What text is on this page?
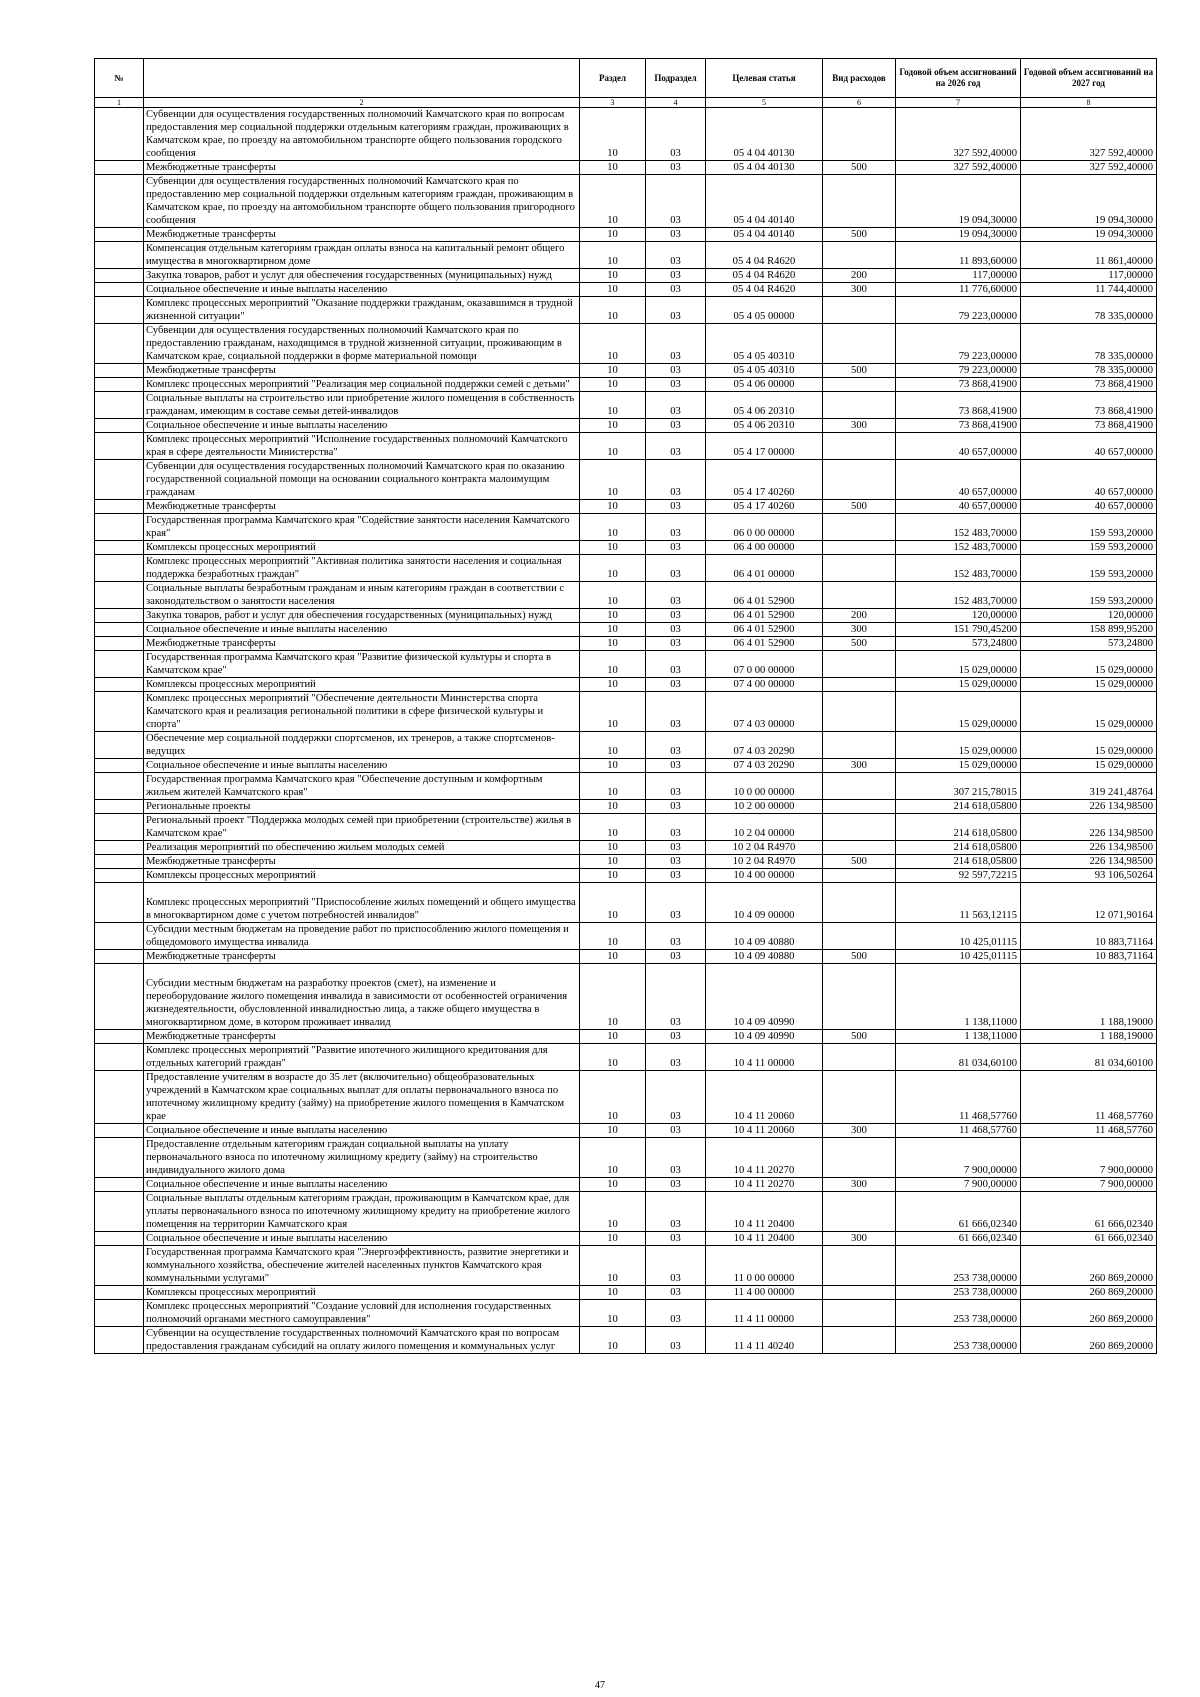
№		Раздел	Подраздел	Целевая статья	Вид расходов	Годовой объем ассигнований на 2026 год	Годовой объем ассигнований на 2027 год
1	2	3	4	5	6	7	8
	Субвенции для осуществления государственных полномочий Камчатского края по вопросам предоставления мер социальной поддержки отдельным категориям граждан, проживающих в Камчатском крае, по проезду на автомобильном транспорте общего пользования городского сообщения	10	03	05 4 04 40130		327 592,40000	327 592,40000
	Межбюджетные трансферты	10	03	05 4 04 40130	500	327 592,40000	327 592,40000
	Субвенции для осуществления государственных полномочий Камчатского края по предоставлению мер социальной поддержки отдельным категориям граждан, проживающим в Камчатском крае, по проезду на автомобильном транспорте общего пользования пригородного сообщения	10	03	05 4 04 40140		19 094,30000	19 094,30000
	Межбюджетные трансферты	10	03	05 4 04 40140	500	19 094,30000	19 094,30000
	Компенсация отдельным категориям граждан оплаты взноса на капитальный ремонт общего имущества в многоквартирном доме	10	03	05 4 04 R4620		11 893,60000	11 861,40000
	Закупка товаров, работ и услуг для обеспечения государственных (муниципальных) нужд	10	03	05 4 04 R4620	200	117,00000	117,00000
	Социальное обеспечение и иные выплаты населению	10	03	05 4 04 R4620	300	11 776,60000	11 744,40000
	Комплекс процессных мероприятий "Оказание поддержки гражданам, оказавшимся в трудной жизненной ситуации"	10	03	05 4 05 00000		79 223,00000	78 335,00000
	Субвенции для осуществления государственных полномочий Камчатского края по предоставлению гражданам, находящимся в трудной жизненной ситуации, проживающим в Камчатском крае, социальной поддержки в форме материальной помощи	10	03	05 4 05 40310		79 223,00000	78 335,00000
	Межбюджетные трансферты	10	03	05 4 05 40310	500	79 223,00000	78 335,00000
	Комплекс процессных мероприятий "Реализация мер социальной поддержки семей с детьми"	10	03	05 4 06 00000		73 868,41900	73 868,41900
	Социальные выплаты на строительство или приобретение жилого помещения в собственность гражданам, имеющим в составе семьи детей-инвалидов	10	03	05 4 06 20310		73 868,41900	73 868,41900
	Социальное обеспечение и иные выплаты населению	10	03	05 4 06 20310	300	73 868,41900	73 868,41900
	Комплекс процессных мероприятий "Исполнение государственных полномочий Камчатского края в сфере деятельности Министерства"	10	03	05 4 17 00000		40 657,00000	40 657,00000
	Субвенции для осуществления государственных полномочий Камчатского края по оказанию государственной социальной помощи на основании социального контракта малоимущим гражданам	10	03	05 4 17 40260		40 657,00000	40 657,00000
	Межбюджетные трансферты	10	03	05 4 17 40260	500	40 657,00000	40 657,00000
	Государственная программа Камчатского края "Содействие занятости населения Камчатского края"	10	03	06 0 00 00000		152 483,70000	159 593,20000
	Комплексы процессных мероприятий	10	03	06 4 00 00000		152 483,70000	159 593,20000
	Комплекс процессных мероприятий "Активная политика занятости населения и социальная поддержка безработных граждан"	10	03	06 4 01 00000		152 483,70000	159 593,20000
	Социальные выплаты безработным гражданам и иным категориям граждан в соответствии с законодательством о занятости населения	10	03	06 4 01 52900		152 483,70000	159 593,20000
	Закупка товаров, работ и услуг для обеспечения государственных (муниципальных) нужд	10	03	06 4 01 52900	200	120,00000	120,00000
	Социальное обеспечение и иные выплаты населению	10	03	06 4 01 52900	300	151 790,45200	158 899,95200
	Межбюджетные трансферты	10	03	06 4 01 52900	500	573,24800	573,24800
	Государственная программа Камчатского края "Развитие физической культуры и спорта в Камчатском крае"	10	03	07 0 00 00000		15 029,00000	15 029,00000
	Комплексы процессных мероприятий	10	03	07 4 00 00000		15 029,00000	15 029,00000
	Комплекс процессных мероприятий "Обеспечение деятельности Министерства спорта Камчатского края и реализация региональной политики в сфере физической культуры и спорта"	10	03	07 4 03 00000		15 029,00000	15 029,00000
	Обеспечение мер социальной поддержки спортсменов, их тренеров, а также спортсменов-ведущих	10	03	07 4 03 20290		15 029,00000	15 029,00000
	Социальное обеспечение и иные выплаты населению	10	03	07 4 03 20290	300	15 029,00000	15 029,00000
	Государственная программа Камчатского края "Обеспечение доступным и комфортным жильем жителей Камчатского края"	10	03	10 0 00 00000		307 215,78015	319 241,48764
	Региональные проекты	10	03	10 2 00 00000		214 618,05800	226 134,98500
	Региональный проект "Поддержка молодых семей при приобретении (строительстве) жилья в Камчатском крае"	10	03	10 2 04 00000		214 618,05800	226 134,98500
	Реализация мероприятий по обеспечению жильем молодых семей	10	03	10 2 04 R4970		214 618,05800	226 134,98500
	Межбюджетные трансферты	10	03	10 2 04 R4970	500	214 618,05800	226 134,98500
	Комплексы процессных мероприятий	10	03	10 4 00 00000		92 597,72215	93 106,50264
	Комплекс процессных мероприятий "Приспособление жилых помещений и общего имущества в многоквартирном доме с учетом потребностей инвалидов"	10	03	10 4 09 00000		11 563,12115	12 071,90164
	Субсидии местным бюджетам на проведение работ по приспособлению жилого помещения и общедомового имущества инвалида	10	03	10 4 09 40880		10 425,01115	10 883,71164
	Межбюджетные трансферты	10	03	10 4 09 40880	500	10 425,01115	10 883,71164
	Субсидии местным бюджетам на разработку проектов (смет), на изменение и переоборудование жилого помещения инвалида в зависимости от особенностей ограничения жизнедеятельности, обусловленной инвалидностью лица, а также общего имущества в многоквартирном доме, в котором проживает инвалид	10	03	10 4 09 40990		1 138,11000	1 188,19000
	Межбюджетные трансферты	10	03	10 4 09 40990	500	1 138,11000	1 188,19000
	Комплекс процессных мероприятий "Развитие ипотечного жилищного кредитования для отдельных категорий граждан"	10	03	10 4 11 00000		81 034,60100	81 034,60100
	Предоставление учителям в возрасте до 35 лет (включительно) общеобразовательных учреждений в Камчатском крае социальных выплат для оплаты первоначального взноса по ипотечному жилищному кредиту (займу) на приобретение жилого помещения в Камчатском крае	10	03	10 4 11 20060		11 468,57760	11 468,57760
	Социальное обеспечение и иные выплаты населению	10	03	10 4 11 20060	300	11 468,57760	11 468,57760
	Предоставление отдельным категориям граждан социальной выплаты на уплату первоначального взноса по ипотечному жилищному кредиту (займу) на строительство индивидуального жилого дома	10	03	10 4 11 20270		7 900,00000	7 900,00000
	Социальное обеспечение и иные выплаты населению	10	03	10 4 11 20270	300	7 900,00000	7 900,00000
	Социальные выплаты отдельным категориям граждан, проживающим в Камчатском крае, для уплаты первоначального взноса по ипотечному жилищному кредиту на приобретение жилого помещения на территории Камчатского края	10	03	10 4 11 20400		61 666,02340	61 666,02340
	Социальное обеспечение и иные выплаты населению	10	03	10 4 11 20400	300	61 666,02340	61 666,02340
	Государственная программа Камчатского края "Энергоэффективность, развитие энергетики и коммунального хозяйства, обеспечение жителей населенных пунктов Камчатского края коммунальными услугами"	10	03	11 0 00 00000		253 738,00000	260 869,20000
	Комплексы процессных мероприятий	10	03	11 4 00 00000		253 738,00000	260 869,20000
	Комплекс процессных мероприятий "Создание условий для исполнения государственных полномочий органами местного самоуправления"	10	03	11 4 11 00000		253 738,00000	260 869,20000
	Субвенции на осуществление государственных полномочий Камчатского края по вопросам предоставления гражданам субсидий на оплату жилого помещения и коммунальных услуг	10	03	11 4 11 40240		253 738,00000	260 869,20000
47
